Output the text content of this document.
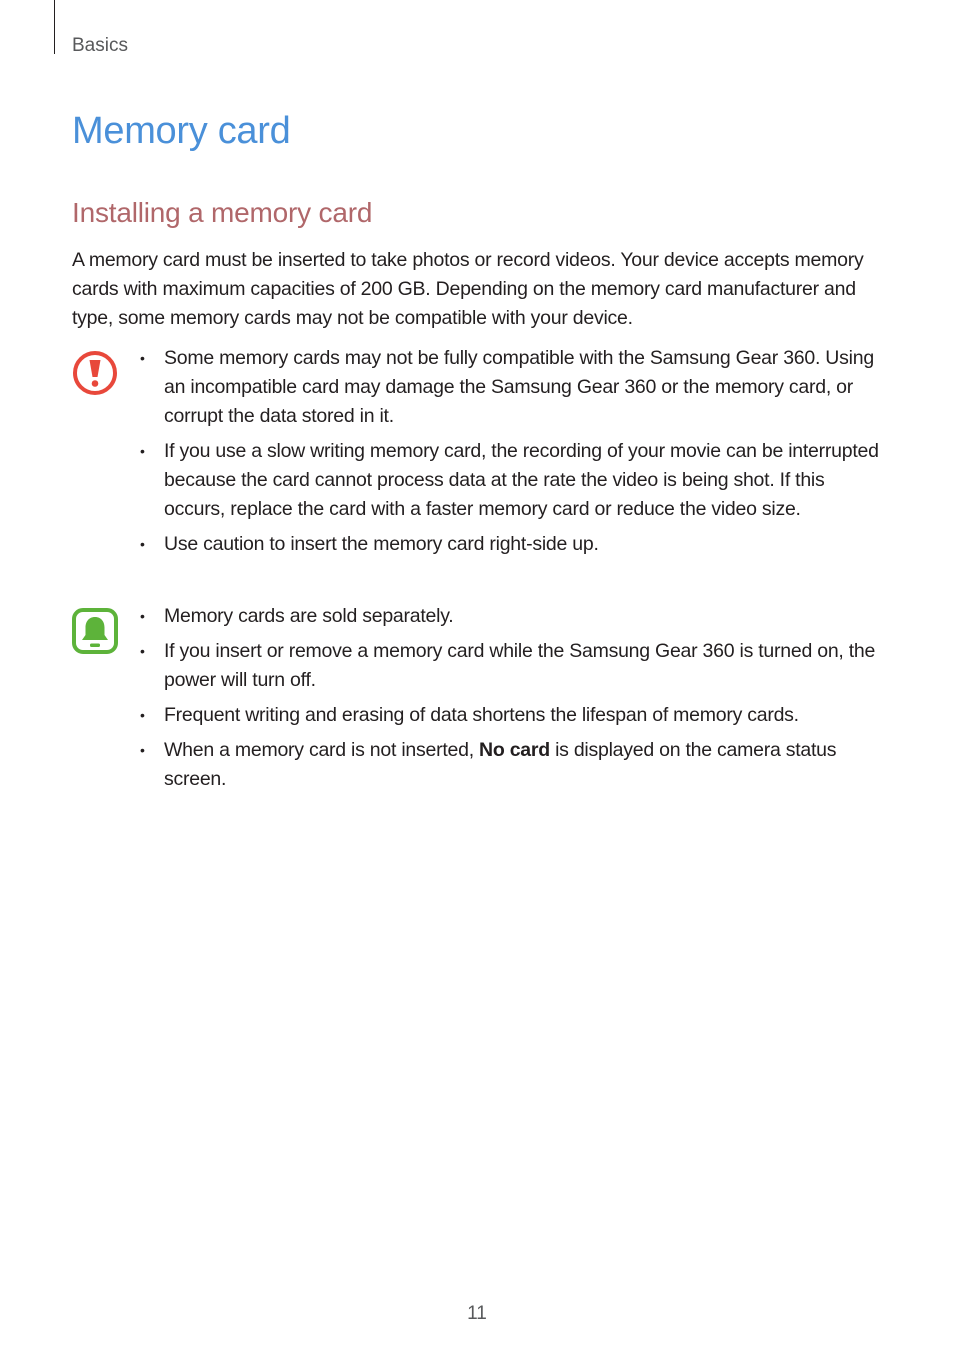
Basics
Memory card
Installing a memory card

A memory card must be inserted to take photos or record videos. Your device accepts memory cards with maximum capacities of 200 GB. Depending on the memory card manufacturer and type, some memory cards may not be compatible with your device.

• Some memory cards may not be fully compatible with the Samsung Gear 360. Using an incompatible card may damage the Samsung Gear 360 or the memory card, or corrupt the data stored in it.
• If you use a slow writing memory card, the recording of your movie can be interrupted because the card cannot process data at the rate the video is being shot. If this occurs, replace the card with a faster memory card or reduce the video size.
• Use caution to insert the memory card right-side up.
• Memory cards are sold separately.
• If you insert or remove a memory card while the Samsung Gear 360 is turned on, the power will turn off.
• Frequent writing and erasing of data shortens the lifespan of memory cards.
• When a memory card is not inserted, No card is displayed on the camera status screen.
11
